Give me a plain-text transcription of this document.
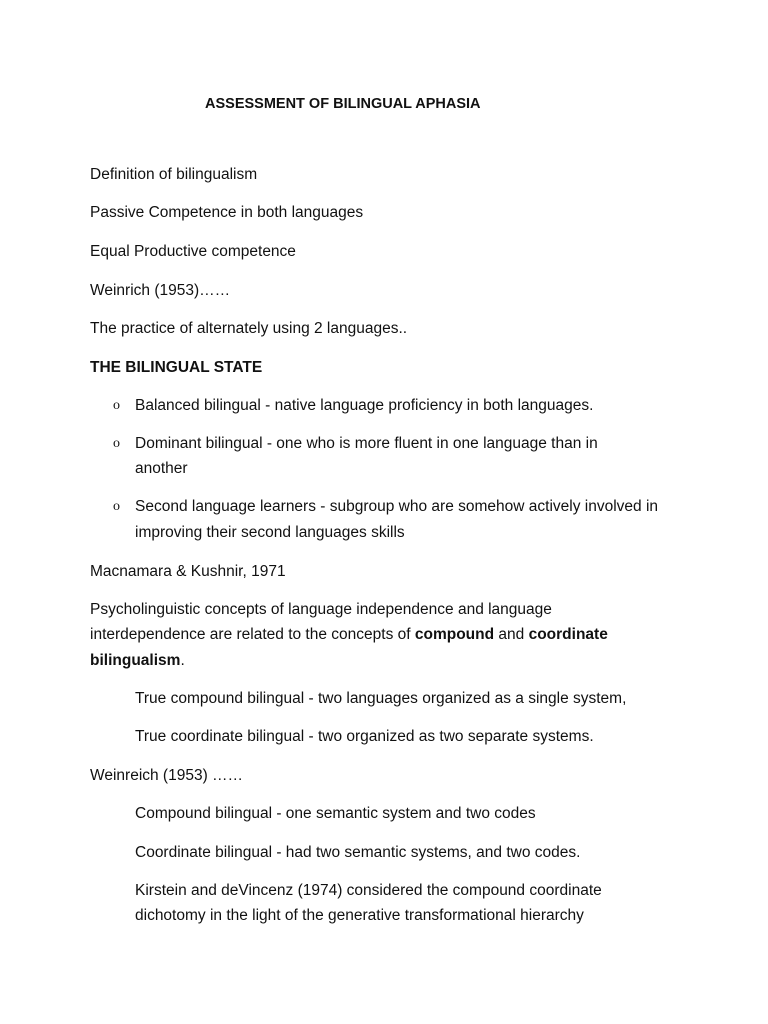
ASSESSMENT OF BILINGUAL APHASIA
Definition of bilingualism
Passive Competence in both languages
Equal Productive competence
Weinrich (1953)……
The practice of alternately using 2 languages..
THE BILINGUAL STATE
o Balanced bilingual - native language proficiency in both languages.
o Dominant bilingual - one who is more fluent in one language than in
another
o Second language learners - subgroup who are somehow actively involved in
improving their second languages skills
Macnamara & Kushnir, 1971
Psycholinguistic concepts of language independence and language
interdependence are related to the concepts of compound and coordinate
bilingualism.
True compound bilingual - two languages organized as a single system,
True coordinate bilingual - two organized as two separate systems.
Weinreich (1953) ……
Compound bilingual - one semantic system and two codes
Coordinate bilingual - had two semantic systems, and two codes.
Kirstein and deVincenz (1974) considered the compound coordinate
dichotomy in the light of the generative transformational hierarchy
